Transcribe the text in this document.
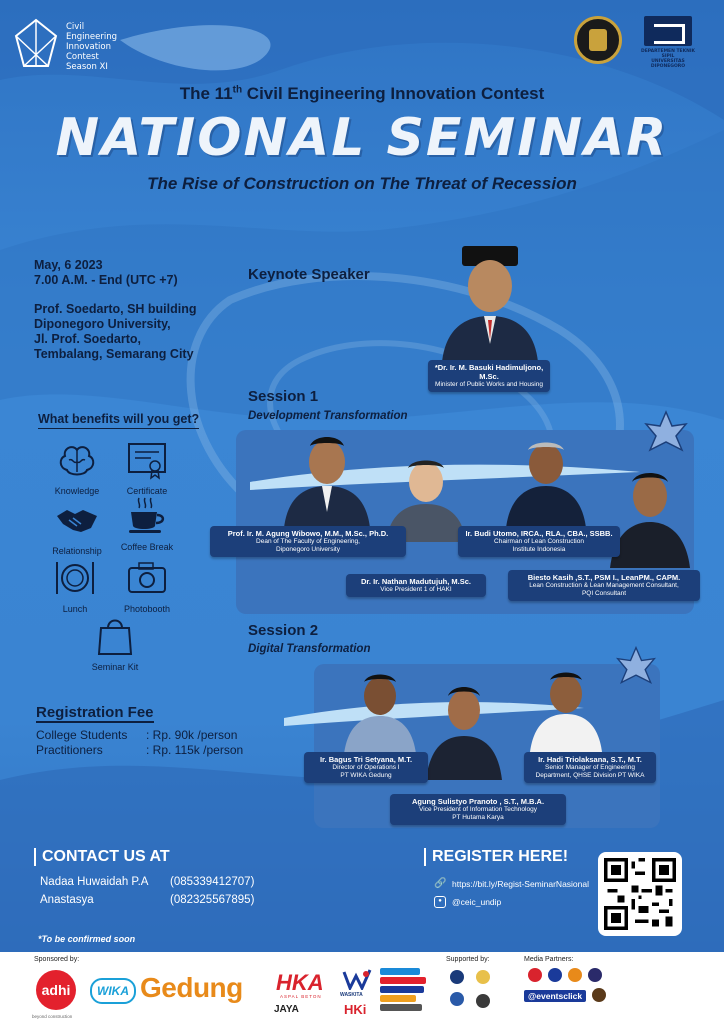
Civil
Engineering
Innovation
Contest
Season XI
DEPARTEMEN TEKNIK SIPIL
UNIVERSITAS DIPONEGORO
The 11th Civil Engineering Innovation Contest
NATIONAL SEMINAR
The Rise of Construction on The Threat of Recession
May, 6 2023
7.00 A.M. - End (UTC +7)
Prof. Soedarto, SH building
Diponegoro University,
Jl. Prof. Soedarto,
Tembalang, Semarang City
What benefits will you get?
Knowledge	Certificate
Relationship	Coffee Break
Lunch	Photobooth
Seminar Kit
Registration Fee
College Students	: Rp. 90k /person
Practitioners	: Rp. 115k /person
Keynote Speaker
*Dr. Ir. M. Basuki Hadimuljono, M.Sc.
Minister of Public Works and Housing
Session 1
Development Transformation
Prof. Ir. M. Agung Wibowo, M.M., M.Sc., Ph.D.
Dean of The Faculty of Engineering,
Diponegoro University
Dr. Ir. Nathan Madutujuh, M.Sc.
Vice President 1 of HAKI
Ir. Budi Utomo, IRCA., RLA., CBA., SSBB.
Chairman of Lean Construction
Institute Indonesia
Biesto Kasih ,S.T., PSM I., LeanPM., CAPM.
Lean Construction & Lean Management Consultant,
PQI Consultant
Session 2
Digital Transformation
Ir. Bagus Tri Setyana, M.T.
Director of Operations I
PT WIKA Gedung
Agung Sulistyo Pranoto , S.T., M.B.A.
Vice President of Information Technology
PT Hutama Karya
Ir. Hadi Triolaksana, S.T., M.T.
Senior Manager of Engineering
Department, QHSE Division PT WIKA
CONTACT US AT
Nadaa Huwaidah P.A	(085339412707)
Anastasya	(082325567895)
REGISTER HERE!
🔗 https://bit.ly/Regist-SeminarNasional
●	@ceic_undip
*To be confirmed soon
Sponsored by:
adhi
beyond construction
WIKA Gedung HKA
ASPAL BETON
JAYA
WASKITA
HKi
Supported by:	Media Partners:
@eventsclick
